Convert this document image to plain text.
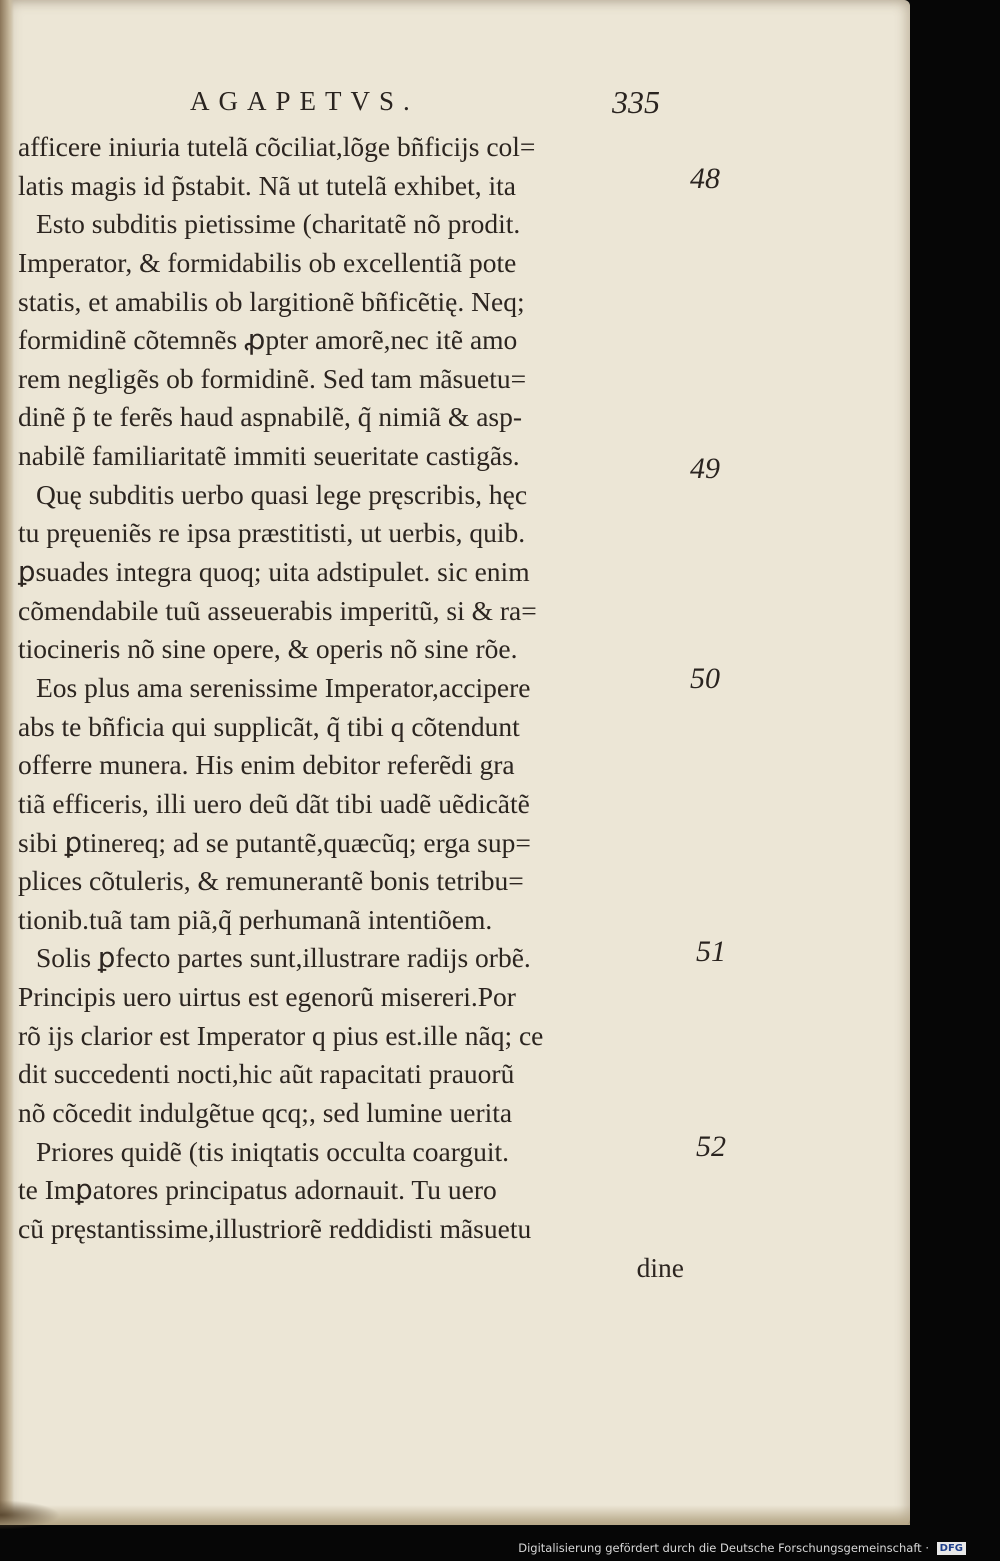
AGAPETVS.	335
afficere iniuria tutelã cõciliat,lõge bñficijs col=
latis magis id p̃stabit. Nã ut tutelã exhibet, ita
Esto subditis pietissime (charitatẽ nõ prodit.
Imperator, & formidabilis ob excellentiã pote
statis, et amabilis ob largitionẽ bñficẽtię. Neq;
formidinẽ cõtemnẽs ꝓpter amorẽ,nec itẽ amo
rem negligẽs ob formidinẽ. Sed tam mãsuetu=
dinẽ p̃ te ferẽs haud aspnabilẽ, q̃ nimiã & asp-
nabilẽ familiaritatẽ immiti seueritate castigãs.
Quę subditis uerbo quasi lege pręscribis, hęc
tu pręueniẽs re ipsa præstitisti, ut uerbis, quib.
ꝑsuades integra quoq; uita adstipulet. sic enim
cõmendabile tuũ asseuerabis imperitũ, si & ra=
tiocineris nõ sine opere, & operis nõ sine rõe.
Eos plus ama serenissime Imperator,accipere
abs te bñficia qui supplicãt, q̃ tibi q cõtendunt
offerre munera. His enim debitor referẽdi gra
tiã efficeris, illi uero deũ dãt tibi uadẽ uẽdicãtẽ
sibi ꝑtinereq; ad se putantẽ,quæcũq; erga sup=
plices cõtuleris, & remunerantẽ bonis tetribu=
tionib.tuã tam piã,q̃ perhumanã intentiõem.
Solis ꝑfecto partes sunt,illustrare radijs orbẽ.
Principis uero uirtus est egenorũ misereri.Por
rõ ijs clarior est Imperator q pius est.ille nãq; ce
dit succedenti nocti,hic aũt rapacitati prauorũ
nõ cõcedit indulgẽtue qcq;, sed lumine uerita
Priores quidẽ (tis iniqtatis occulta coarguit.
te Imꝑatores principatus adornauit. Tu uero
cũ pręstantissime,illustriorẽ reddidisti mãsuetu
dine
48
49
50
51
52
Digitalisierung gefördert durch die Deutsche Forschungsgemeinschaft · DFG
